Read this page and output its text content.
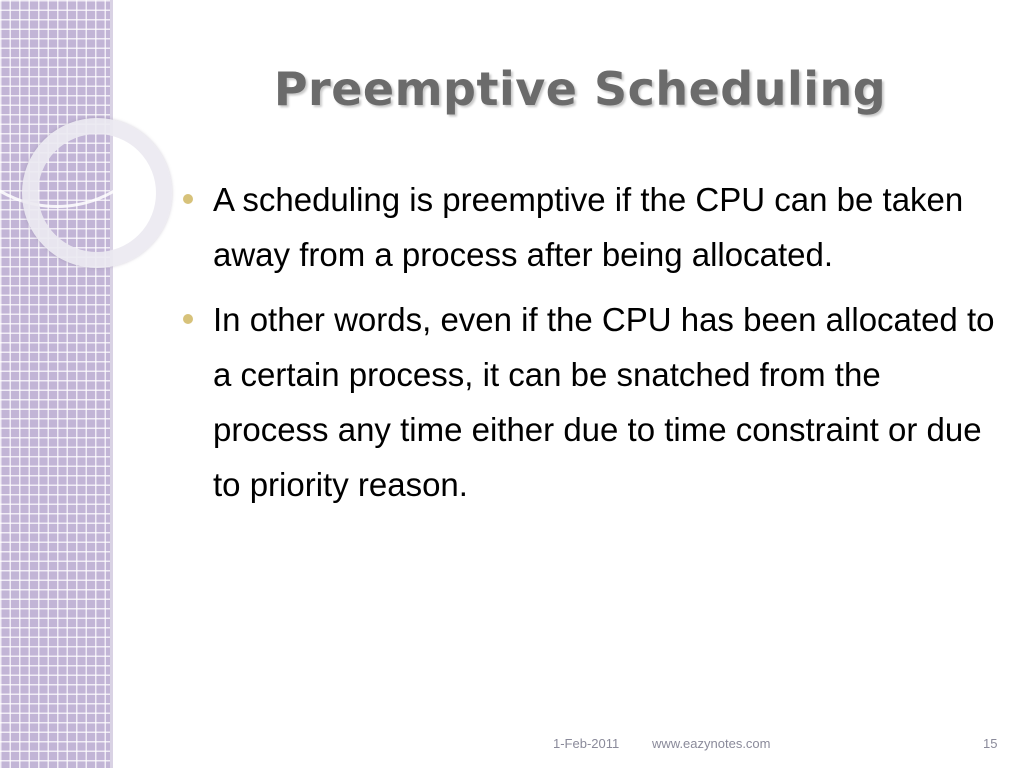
Preemptive Scheduling
A scheduling is preemptive if the CPU can be taken away from a process after being allocated.
In other words, even if the CPU has been allocated to a certain process, it can be snatched from the process any time either due to time constraint or due to priority reason.
1-Feb-2011	www.eazynotes.com	15
